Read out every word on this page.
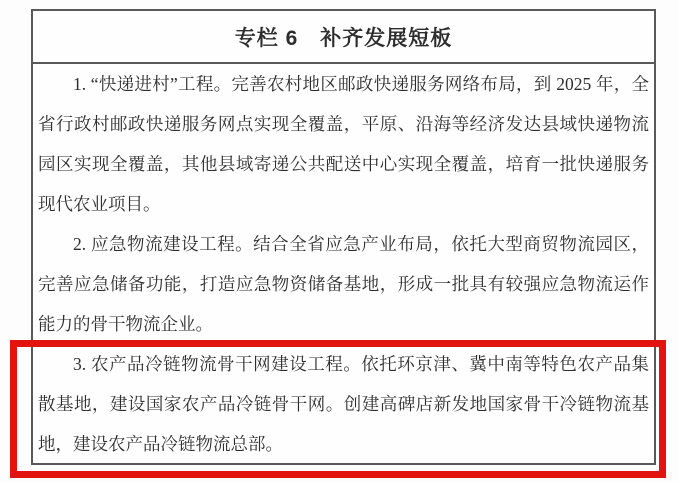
专栏 6　补齐发展短板

1. “快递进村”工程。完善农村地区邮政快递服务网络布局，到 2025 年，全省行政村邮政快递服务网点实现全覆盖，平原、沿海等经济发达县域快递物流园区实现全覆盖，其他县域寄递公共配送中心实现全覆盖，培育一批快递服务现代农业项目。

2. 应急物流建设工程。结合全省应急产业布局，依托大型商贸物流园区，完善应急储备功能，打造应急物资储备基地，形成一批具有较强应急物流运作能力的骨干物流企业。

3. 农产品冷链物流骨干网建设工程。依托环京津、冀中南等特色农产品集散基地，建设国家农产品冷链骨干网。创建高碑店新发地国家骨干冷链物流基地，建设农产品冷链物流总部。
